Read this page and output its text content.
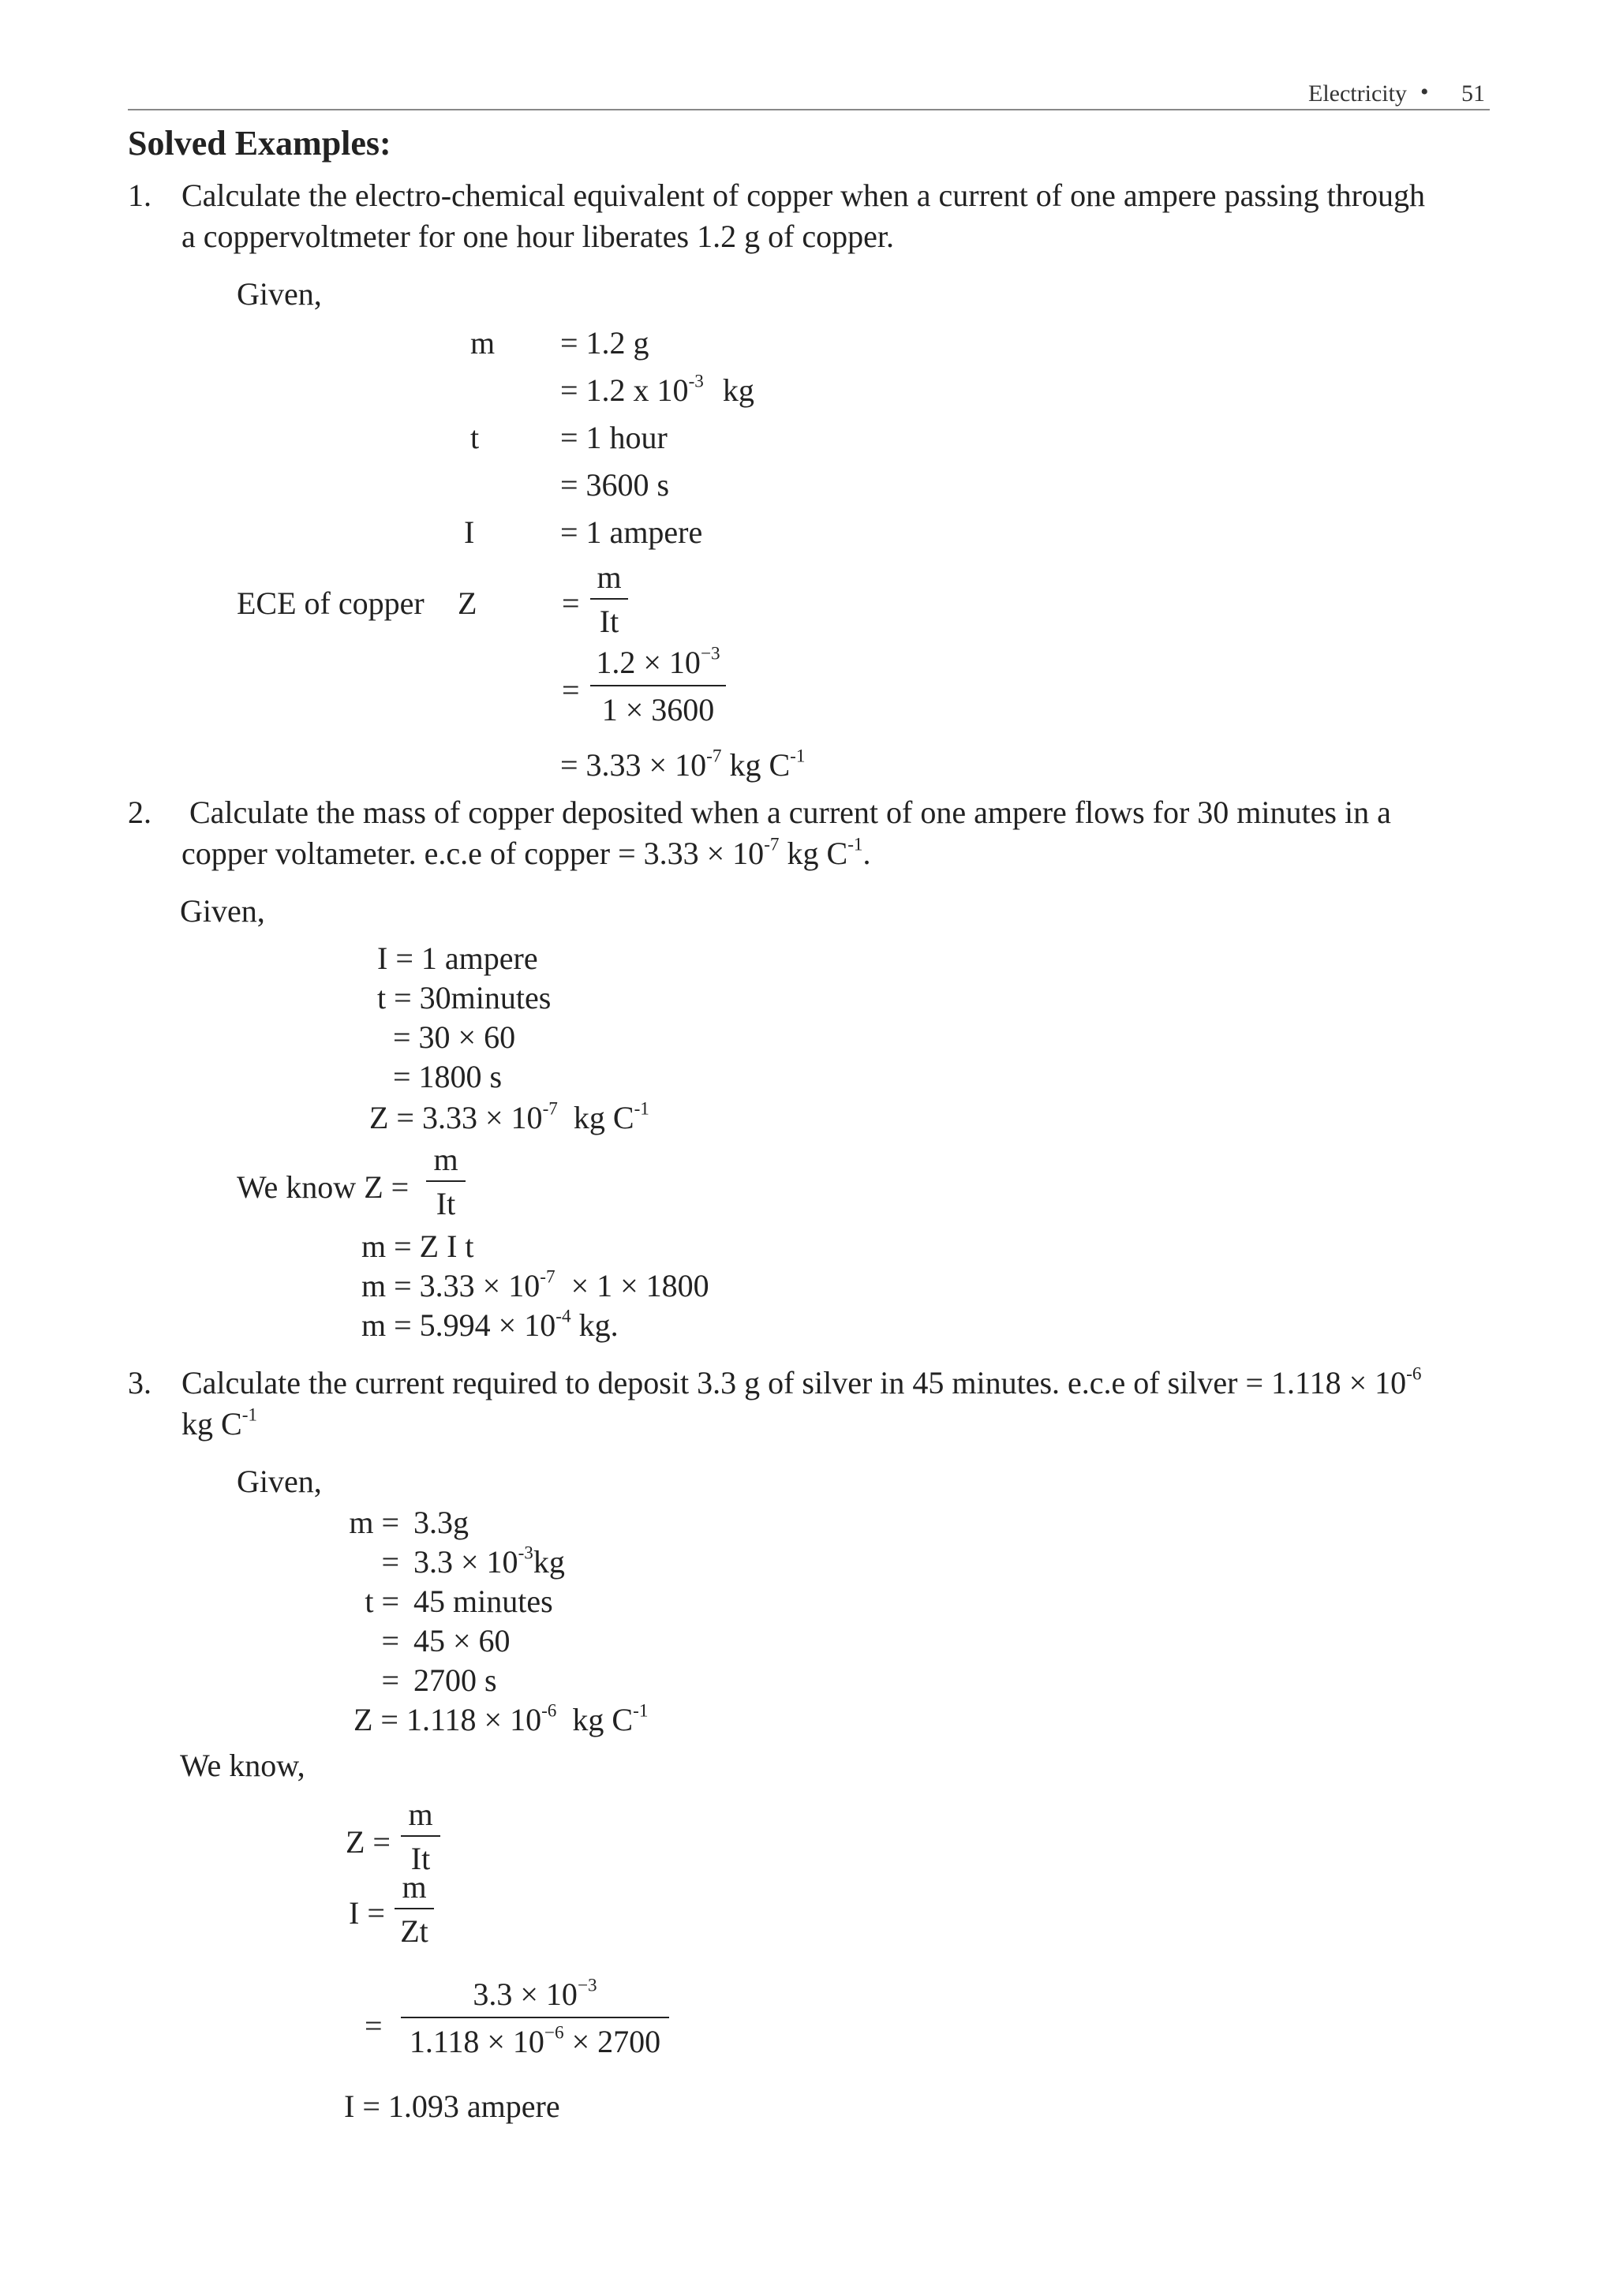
Electricity • 51
Solved Examples:
1. Calculate the electro-chemical equivalent of copper when a current of one ampere passing through
a coppervoltmeter for one hour liberates 1.2 g of copper.
Given,
m = 1.2 g
= 1.2 x $10^{-3}$ kg
t	= 1 hour
= 3600 s
I	= 1 ampere
ECE of copper Z	=
m
It
=
$1.2 \times 10^{-3}$
1 × 3600
= $3.33 \times 10^{-7}$ kg $C^{-1}$
2. Calculate the mass of copper deposited when a current of one ampere flows for 30 minutes in a
copper voltameter. e.c.e of copper = $3.33 \times 10^{-7}$ kg $C^{-1}$.
Given,
I = 1 ampere
t = 30minutes
= 30 × 60
= 1800 s
$Z = 3.33 \times 10^{-7}$  kg $C^{-1}$
We know Z =
m
It
m = Z I t
$m = 3.33 \times 10^{-7} \times 1 \times 1800$
$m = 5.994 \times 10^{-4}$ kg.
3. Calculate the current required to deposit 3.3 g of silver in 45 minutes. e.c.e of silver = $1.118 \times 10^{-6}$
kg $C^{-1}$
Given,
m = 3.3g
= $3.3 \times 10^{-3}kg$
t = 45 minutes
= 45 × 60
= 2700 s
$Z = 1.118 \times 10^{-6}$  kg $C^{-1}$
We know,
Z =
m
It
I =
m
Zt
=
$3.3 \times 10^{-3}$
$1.118 \times 10^{-6} \times 2700$
I = 1.093 ampere
